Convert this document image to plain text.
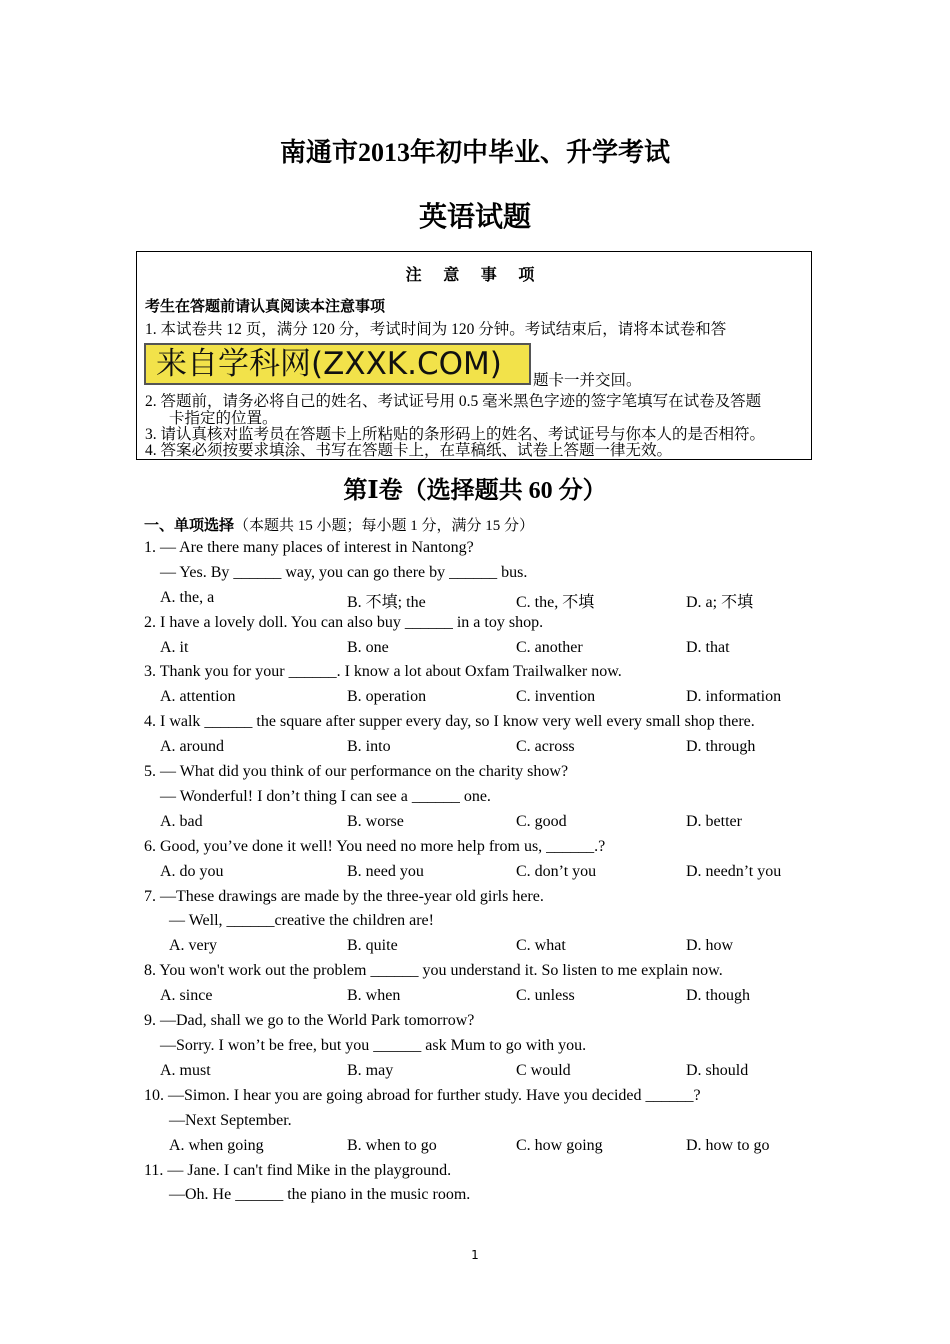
南通市2013年初中毕业、升学考试
英语试题
注 意 事 项
考生在答题前请认真阅读本注意事项
1. 本试卷共 12 页，满分 120 分，考试时间为 120 分钟。考试结束后，请将本试卷和答
来自学科网(ZXXK.COM)	题卡一并交回。
2. 答题前，请务必将自己的姓名、考试证号用 0.5 毫米黑色字迹的签字笔填写在试卷及答题
卡指定的位置。
3. 请认真核对监考员在答题卡上所粘贴的条形码上的姓名、考试证号与你本人的是否相符。
4. 答案必须按要求填涂、书写在答题卡上，在草稿纸、试卷上答题一律无效。
第Ⅰ卷（选择题共 60 分）
一、单项选择（本题共 15 小题；每小题 1 分，满分 15 分）
1. — Are there many places of interest in Nantong?
— Yes. By ______ way, you can go there by ______ bus.
A. the, a	B. 不填; the	C. the, 不填	D. a; 不填
2. I have a lovely doll. You can also buy ______ in a toy shop.
A. it	B. one	C. another	D. that
3. Thank you for your ______. I know a lot about Oxfam Trailwalker now.
A. attention	B. operation	C. invention	D. information
4. I walk ______ the square after supper every day, so I know very well every small shop there.
A. around	B. into	C. across	D. through
5. — What did you think of our performance on the charity show?
— Wonderful! I don’t thing I can see a ______ one.
A. bad	B. worse	C. good	D. better
6. Good, you’ve done it well! You need no more help from us, ______.?
A. do you	B. need you	C. don’t you	D. needn’t you
7. —These drawings are made by the three-year old girls here.
— Well, ______creative the children are!
A. very	B. quite	C. what	D. how
8. You won't work out the problem ______ you understand it. So listen to me explain now.
A. since	B. when	C. unless	D. though
9. —Dad, shall we go to the World Park tomorrow?
—Sorry. I won’t be free, but you ______ ask Mum to go with you.
A. must	B. may	C would	D. should
10. —Simon. I hear you are going abroad for further study. Have you decided ______?
—Next September.
A. when going	B. when to go	C. how going	D. how to go
11. — Jane. I can't find Mike in the playground.
—Oh. He ______ the piano in the music room.
1
